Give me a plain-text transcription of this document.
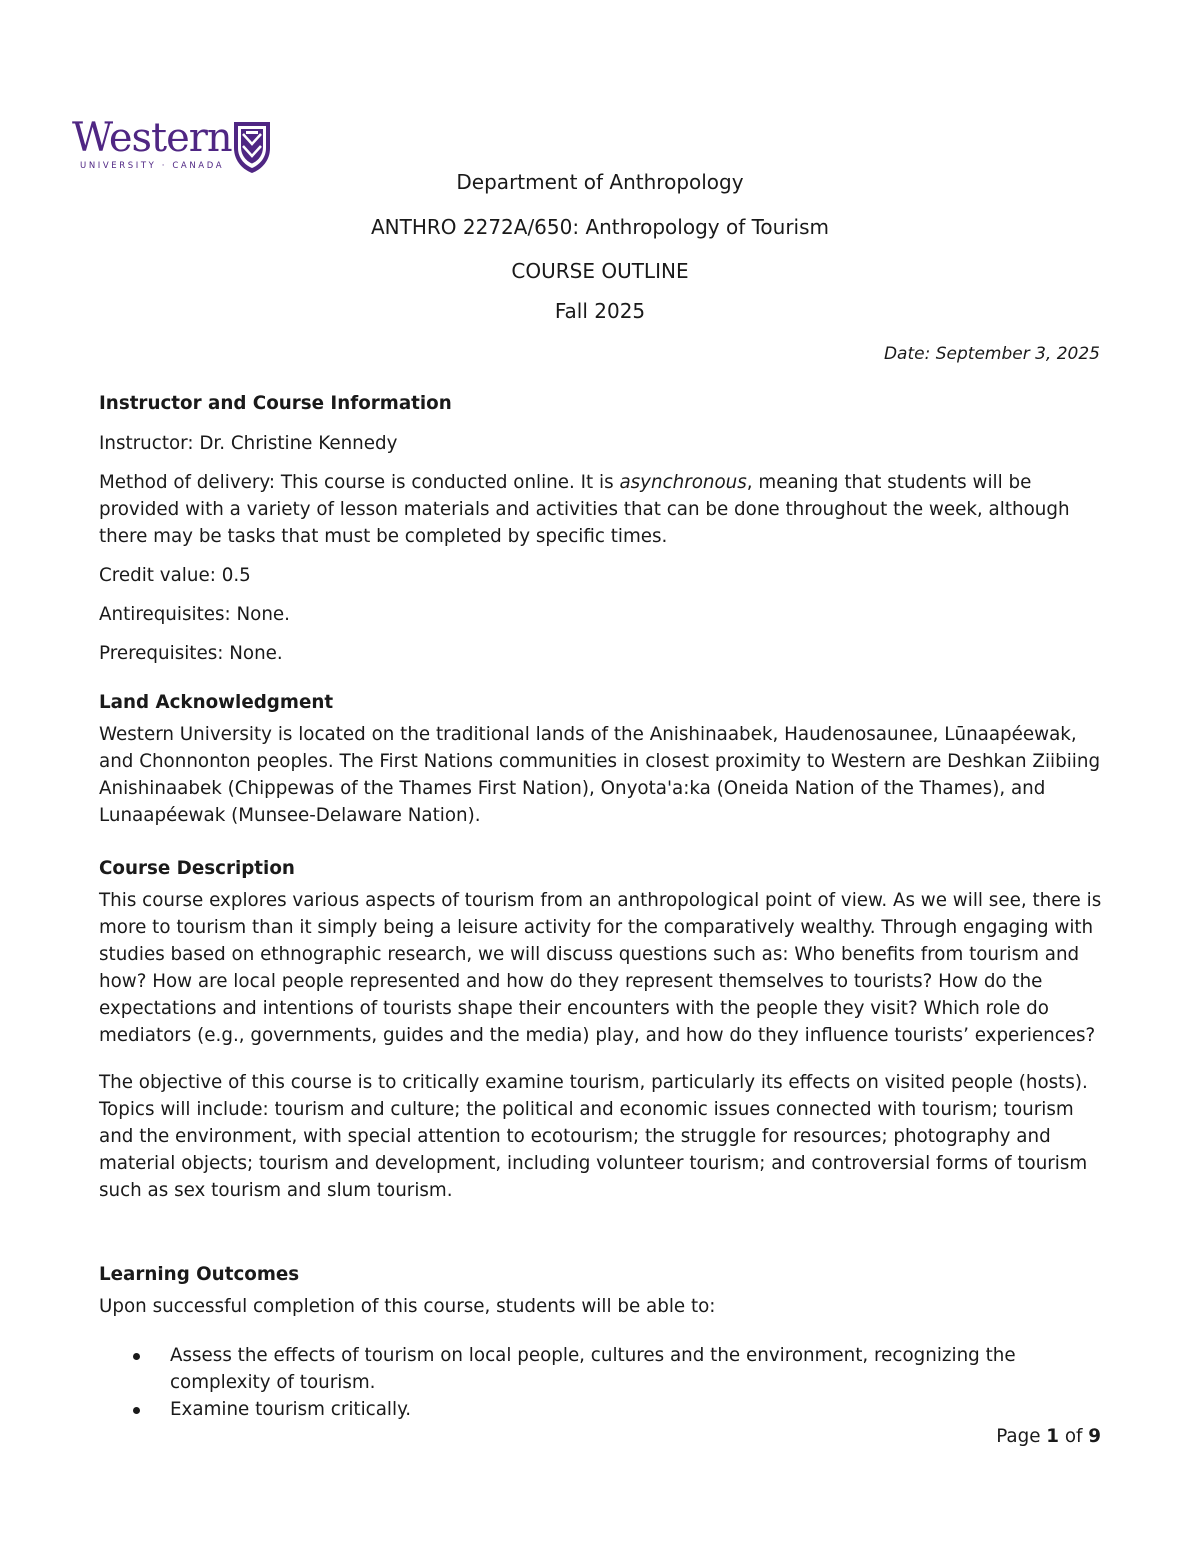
Western
UNIVERSITY · CANADA
Department of Anthropology
ANTHRO 2272A/650: Anthropology of Tourism
COURSE OUTLINE
Fall 2025
Date: September 3, 2025

Instructor and Course Information

Instructor: Dr. Christine Kennedy

Method of delivery: This course is conducted online. It is asynchronous, meaning that students will be provided with a variety of lesson materials and activities that can be done throughout the week, although there may be tasks that must be completed by specific times.

Credit value: 0.5

Antirequisites: None.

Prerequisites: None.

Land Acknowledgment

Western University is located on the traditional lands of the Anishinaabek, Haudenosaunee, Lūnaapéewak, and Chonnonton peoples. The First Nations communities in closest proximity to Western are Deshkan Ziibiing Anishinaabek (Chippewas of the Thames First Nation), Onyota'a:ka (Oneida Nation of the Thames), and Lunaapéewak (Munsee-Delaware Nation).

Course Description

This course explores various aspects of tourism from an anthropological point of view. As we will see, there is more to tourism than it simply being a leisure activity for the comparatively wealthy. Through engaging with studies based on ethnographic research, we will discuss questions such as: Who benefits from tourism and how? How are local people represented and how do they represent themselves to tourists? How do the expectations and intentions of tourists shape their encounters with the people they visit? Which role do mediators (e.g., governments, guides and the media) play, and how do they influence tourists’ experiences?

The objective of this course is to critically examine tourism, particularly its effects on visited people (hosts). Topics will include: tourism and culture; the political and economic issues connected with tourism; tourism and the environment, with special attention to ecotourism; the struggle for resources; photography and material objects; tourism and development, including volunteer tourism; and controversial forms of tourism such as sex tourism and slum tourism.

Learning Outcomes

Upon successful completion of this course, students will be able to:

Assess the effects of tourism on local people, cultures and the environment, recognizing the complexity of tourism.
Examine tourism critically.
Page 1 of 9
